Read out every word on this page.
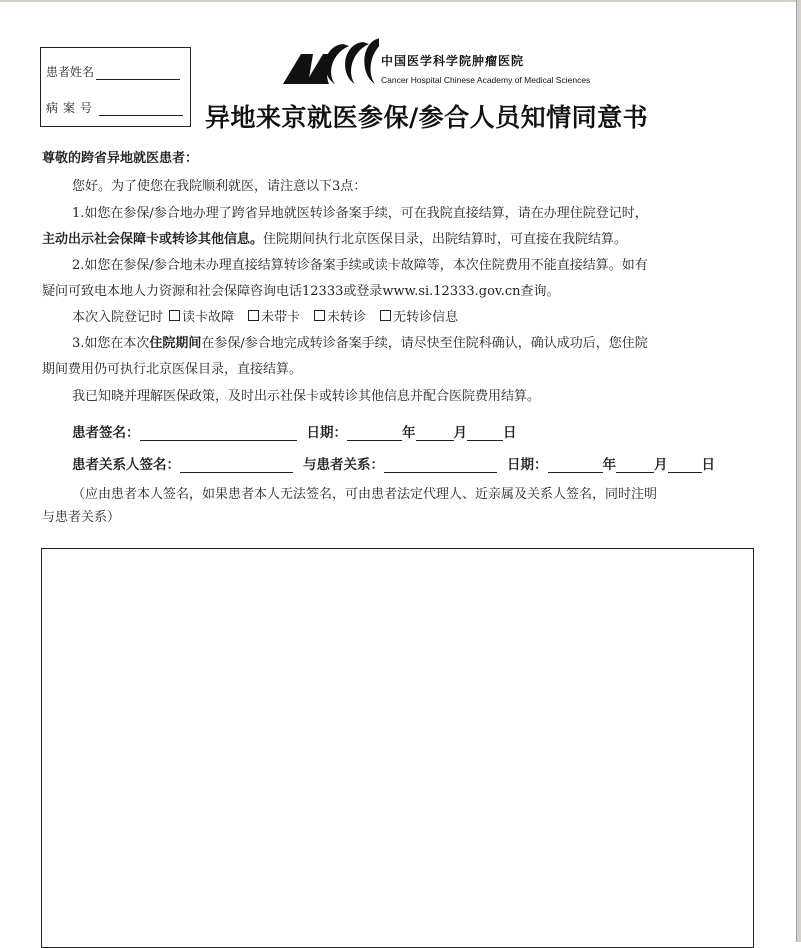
患者姓名
病案号
中国医学科学院肿瘤医院
Cancer Hospital Chinese Academy of Medical Sciences
异地来京就医参保/参合人员知情同意书
尊敬的跨省异地就医患者：
您好。为了使您在我院顺利就医，请注意以下3点：
1.如您在参保/参合地办理了跨省异地就医转诊备案手续，可在我院直接结算，请在办理住院登记时，
主动出示社会保障卡或转诊其他信息。住院期间执行北京医保目录，出院结算时，可直接在我院结算。
2.如您在参保/参合地未办理直接结算转诊备案手续或读卡故障等，本次住院费用不能直接结算。如有
疑问可致电本地人力资源和社会保障咨询电话12333或登录www.si.12333.gov.cn查询。
本次入院登记时 读卡故障 未带卡 未转诊 无转诊信息
3.如您在本次住院期间在参保/参合地完成转诊备案手续，请尽快至住院科确认，确认成功后，您住院
期间费用仍可执行北京医保目录，直接结算。
我已知晓并理解医保政策，及时出示社保卡或转诊其他信息并配合医院费用结算。
患者签名：	日期：	年	月	日
患者关系人签名：	与患者关系：	日期：	年	月	日
（应由患者本人签名，如果患者本人无法签名，可由患者法定代理人、近亲属及关系人签名，同时注明
与患者关系）
